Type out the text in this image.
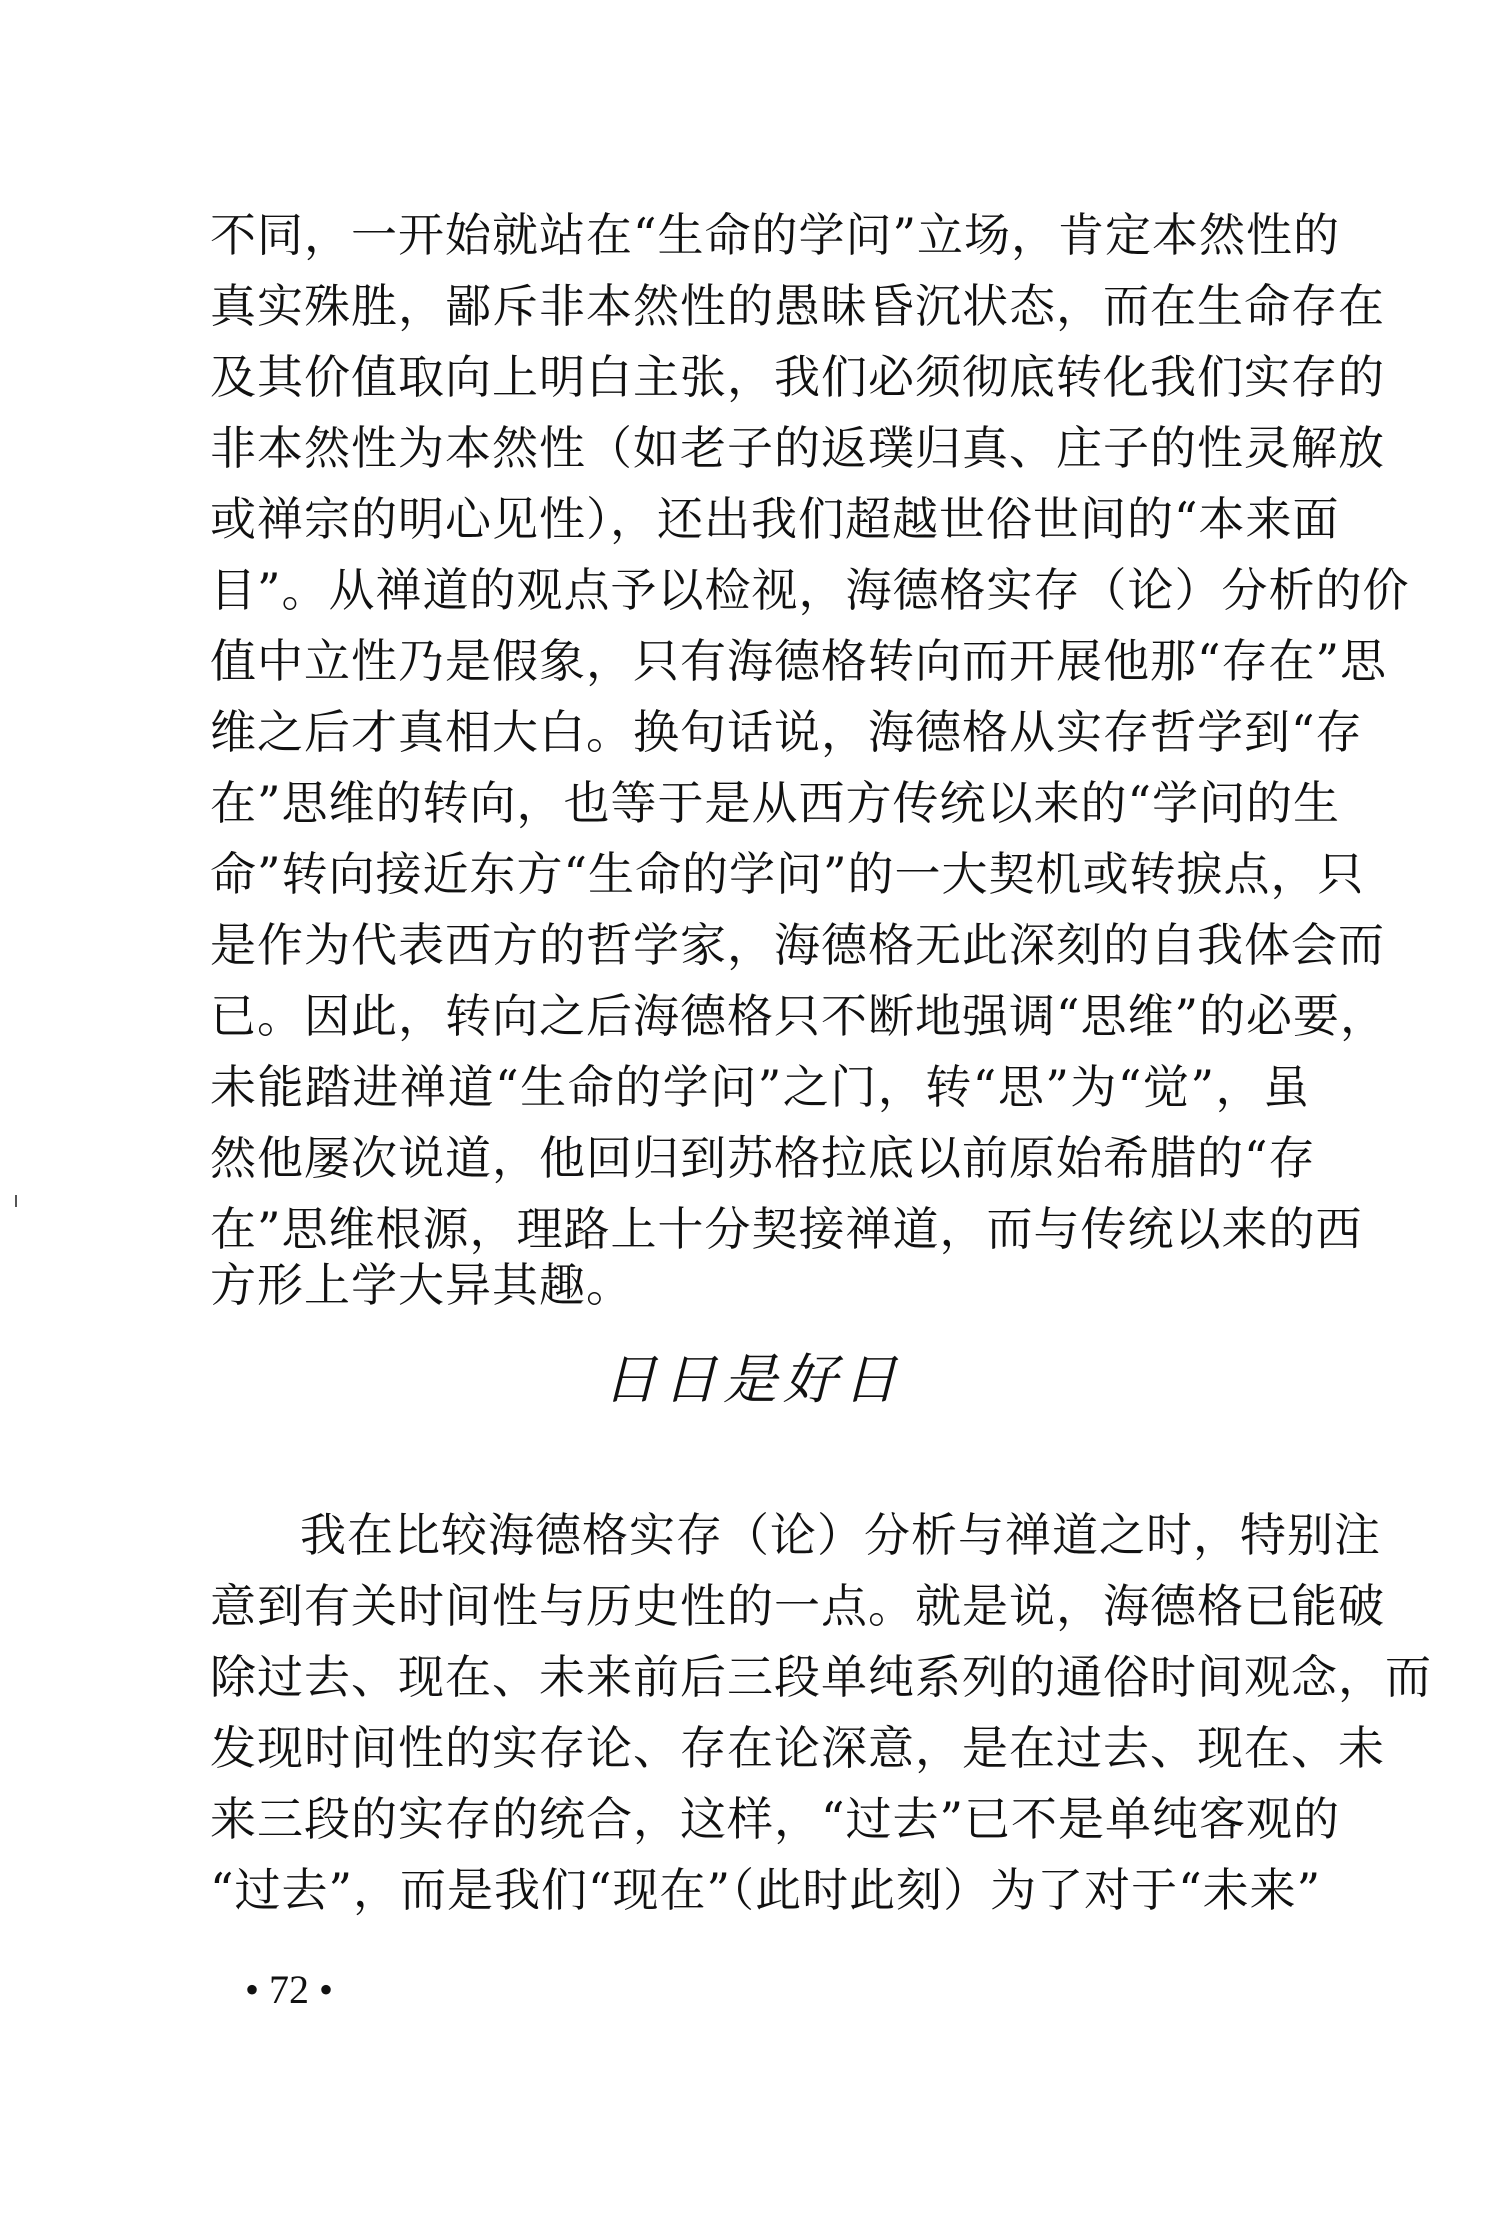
不同，一开始就站在“生命的学问”立场，肯定本然性的
真实殊胜，鄙斥非本然性的愚昧昏沉状态，而在生命存在
及其价值取向上明白主张，我们必须彻底转化我们实存的
非本然性为本然性（如老子的返璞归真、庄子的性灵解放
或禅宗的明心见性），还出我们超越世俗世间的“本来面
目”。从禅道的观点予以检视，海德格实存（论）分析的价
值中立性乃是假象，只有海德格转向而开展他那“存在”思
维之后才真相大白。换句话说，海德格从实存哲学到“存
在”思维的转向，也等于是从西方传统以来的“学问的生
命”转向接近东方“生命的学问”的一大契机或转捩点，只
是作为代表西方的哲学家，海德格无此深刻的自我体会而
已。因此，转向之后海德格只不断地强调“思维”的必要，
未能踏进禅道“生命的学问”之门，转“思”为“觉”，虽
然他屡次说道，他回归到苏格拉底以前原始希腊的“存
在”思维根源，理路上十分契接禅道，而与传统以来的西
方形上学大异其趣。
日日是好日
我在比较海德格实存（论）分析与禅道之时，特别注
意到有关时间性与历史性的一点。就是说，海德格已能破
除过去、现在、未来前后三段单纯系列的通俗时间观念，而
发现时间性的实存论、存在论深意，是在过去、现在、未
来三段的实存的统合，这样，“过去”已不是单纯客观的
“过去”，而是我们“现在”（此时此刻）为了对于“未来”
• 72 •
